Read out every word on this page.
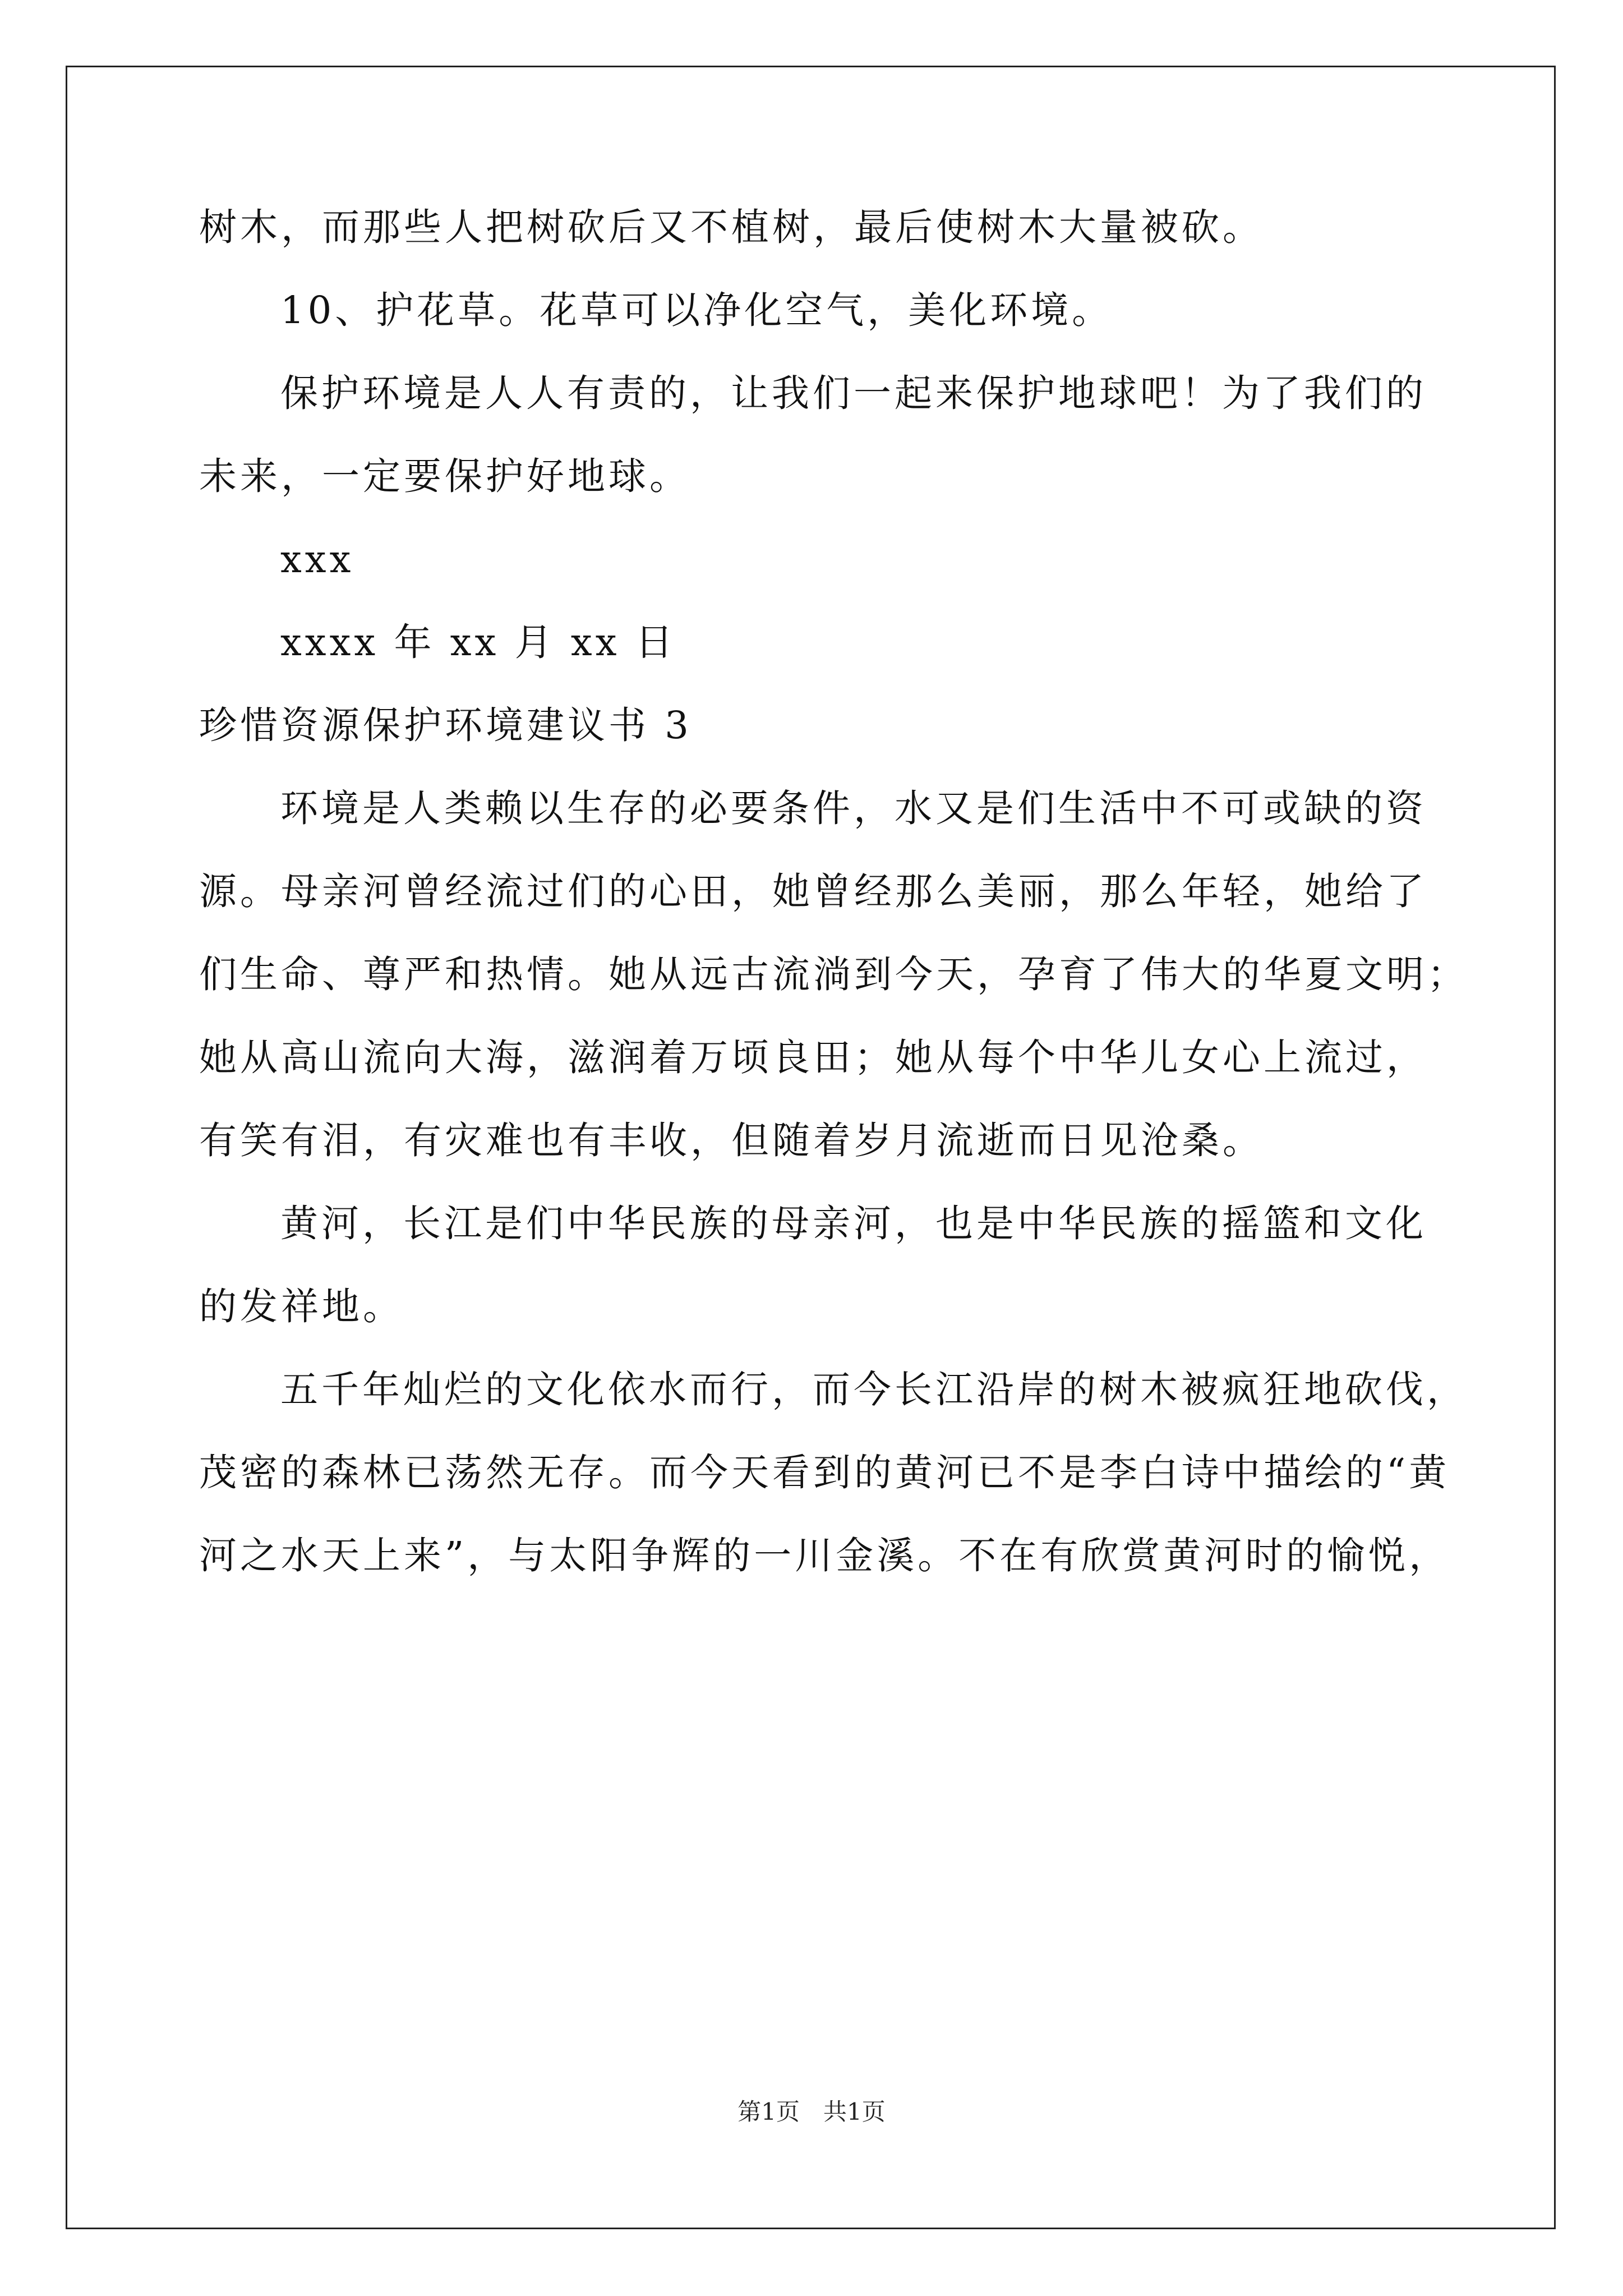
树木，而那些人把树砍后又不植树，最后使树木大量被砍。
10、护花草。花草可以净化空气，美化环境。
保护环境是人人有责的，让我们一起来保护地球吧！为了我们的
未来，一定要保护好地球。
xxx
xxxx 年 xx 月 xx 日
珍惜资源保护环境建议书 3
环境是人类赖以生存的必要条件，水又是们生活中不可或缺的资
源。母亲河曾经流过们的心田，她曾经那么美丽，那么年轻，她给了
们生命、尊严和热情。她从远古流淌到今天，孕育了伟大的华夏文明；
她从高山流向大海，滋润着万顷良田；她从每个中华儿女心上流过，
有笑有泪，有灾难也有丰收，但随着岁月流逝而日见沧桑。
黄河，长江是们中华民族的母亲河，也是中华民族的摇篮和文化
的发祥地。
五千年灿烂的文化依水而行，而今长江沿岸的树木被疯狂地砍伐，
茂密的森林已荡然无存。而今天看到的黄河已不是李白诗中描绘的“黄
河之水天上来”，与太阳争辉的一川金溪。不在有欣赏黄河时的愉悦，
第1页　共1页
